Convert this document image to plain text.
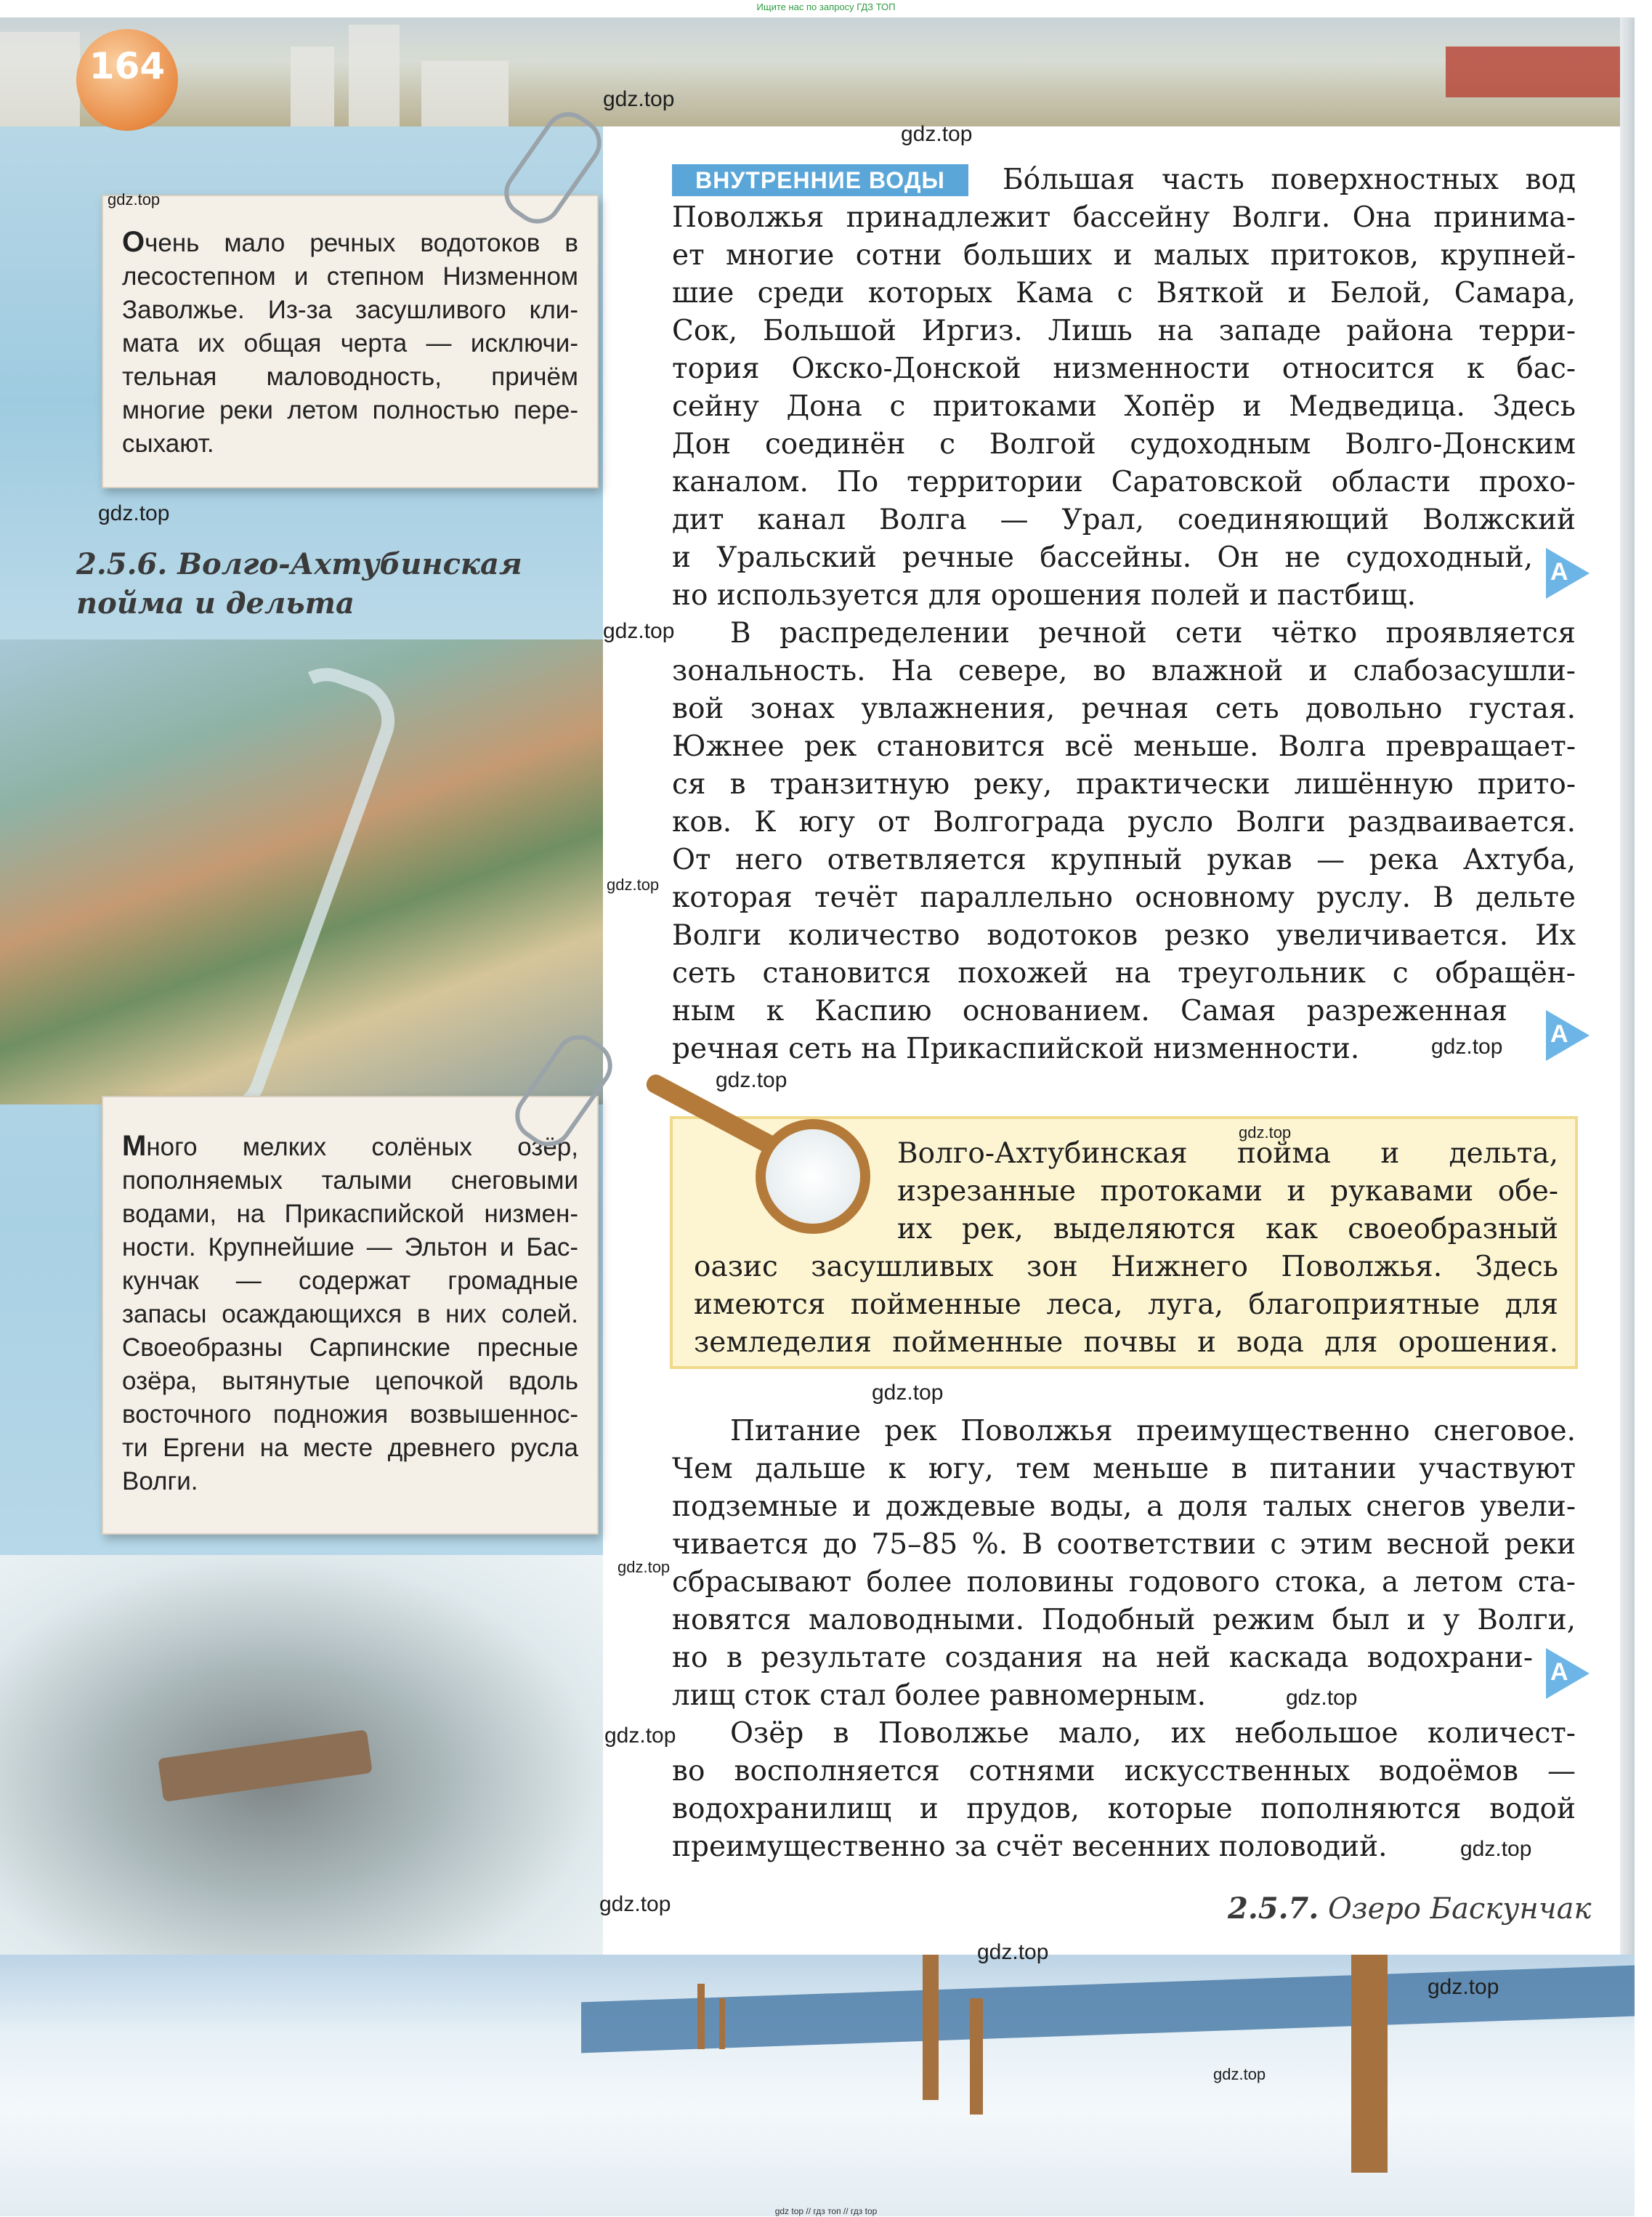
Ищите нас по запросу ГДЗ ТОП
164
Очень мало речных водотоков в
лесостепном и степном Низменном
Заволжье. Из-за засушливого кли-
мата их общая черта — исключи-
тельная маловодность, причём
многие реки летом полностью пере-
сыхают.
2.5.6. Волго-Ахтубинская
пойма и дельта
Много мелких солёных озёр,
пополняемых талыми снеговыми
водами, на Прикаспийской низмен-
ности. Крупнейшие — Эльтон и Бас-
кунчак — содержат громадные
запасы осаждающихся в них солей.
Своеобразны Сарпинские пресные
озёра, вытянутые цепочкой вдоль
восточного подножия возвышеннос-
ти Ергени на месте древнего русла
Волги.
ВНУТРЕННИЕ ВОДЫ	Бо́льшая часть поверхностных вод
Поволжья принадлежит бассейну Волги. Она принима-
ет многие сотни больших и малых притоков, крупней-
шие среди которых Кама с Вяткой и Белой, Самара,
Сок, Большой Иргиз. Лишь на западе района терри-
тория Окско-Донской низменности относится к бас-
сейну Дона с притоками Хопёр и Медведица. Здесь
Дон соединён с Волгой судоходным Волго-Донским
каналом. По территории Саратовской области прохо-
дит канал Волга — Урал, соединяющий Волжский
и Уральский речные бассейны. Он не судоходный,
но используется для орошения полей и пастбищ.
А
В распределении речной сети чётко проявляется
зональность. На севере, во влажной и слабозасушли-
вой зонах увлажнения, речная сеть довольно густая.
Южнее рек становится всё меньше. Волга превращает-
ся в транзитную реку, практически лишённую прито-
ков. К югу от Волгограда русло Волги раздваивается.
От него ответвляется крупный рукав — река Ахтуба,
которая течёт параллельно основному руслу. В дельте
Волги количество водотоков резко увеличивается. Их
сеть становится похожей на треугольник с обращён-
ным к Каспию основанием. Самая разреженная
речная сеть на Прикаспийской низменности.	А
Волго-Ахтубинская пойма и дельта,
изрезанные протоками и рукавами обе-
их рек, выделяются как своеобразный
оазис засушливых зон Нижнего Поволжья. Здесь
имеются пойменные леса, луга, благоприятные для
земледелия пойменные почвы и вода для орошения.
Питание рек Поволжья преимущественно снеговое.
Чем дальше к югу, тем меньше в питании участвуют
подземные и дождевые воды, а доля талых снегов увели-
чивается до 75–85 %. В соответствии с этим весной реки
сбрасывают более половины годового стока, а летом ста-
новятся маловодными. Подобный режим был и у Волги,
но в результате создания на ней каскада водохрани-
лищ сток стал более равномерным.
А
Озёр в Поволжье мало, их небольшое количест-
во восполняется сотнями искусственных водоёмов —
водохранилищ и прудов, которые пополняются водой
преимущественно за счёт весенних половодий.
2.5.7. Озеро Баскунчак
gdz.top
gdz.top
gdz.top
gdz.top
gdz.top
gdz.top
gdz.top
gdz.top
gdz.top
gdz.top
gdz.top
gdz.top
gdz.top
gdz.top
gdz.top
gdz.top
gdz.top
gdz.top
gdz top // гдз топ // гдз top
